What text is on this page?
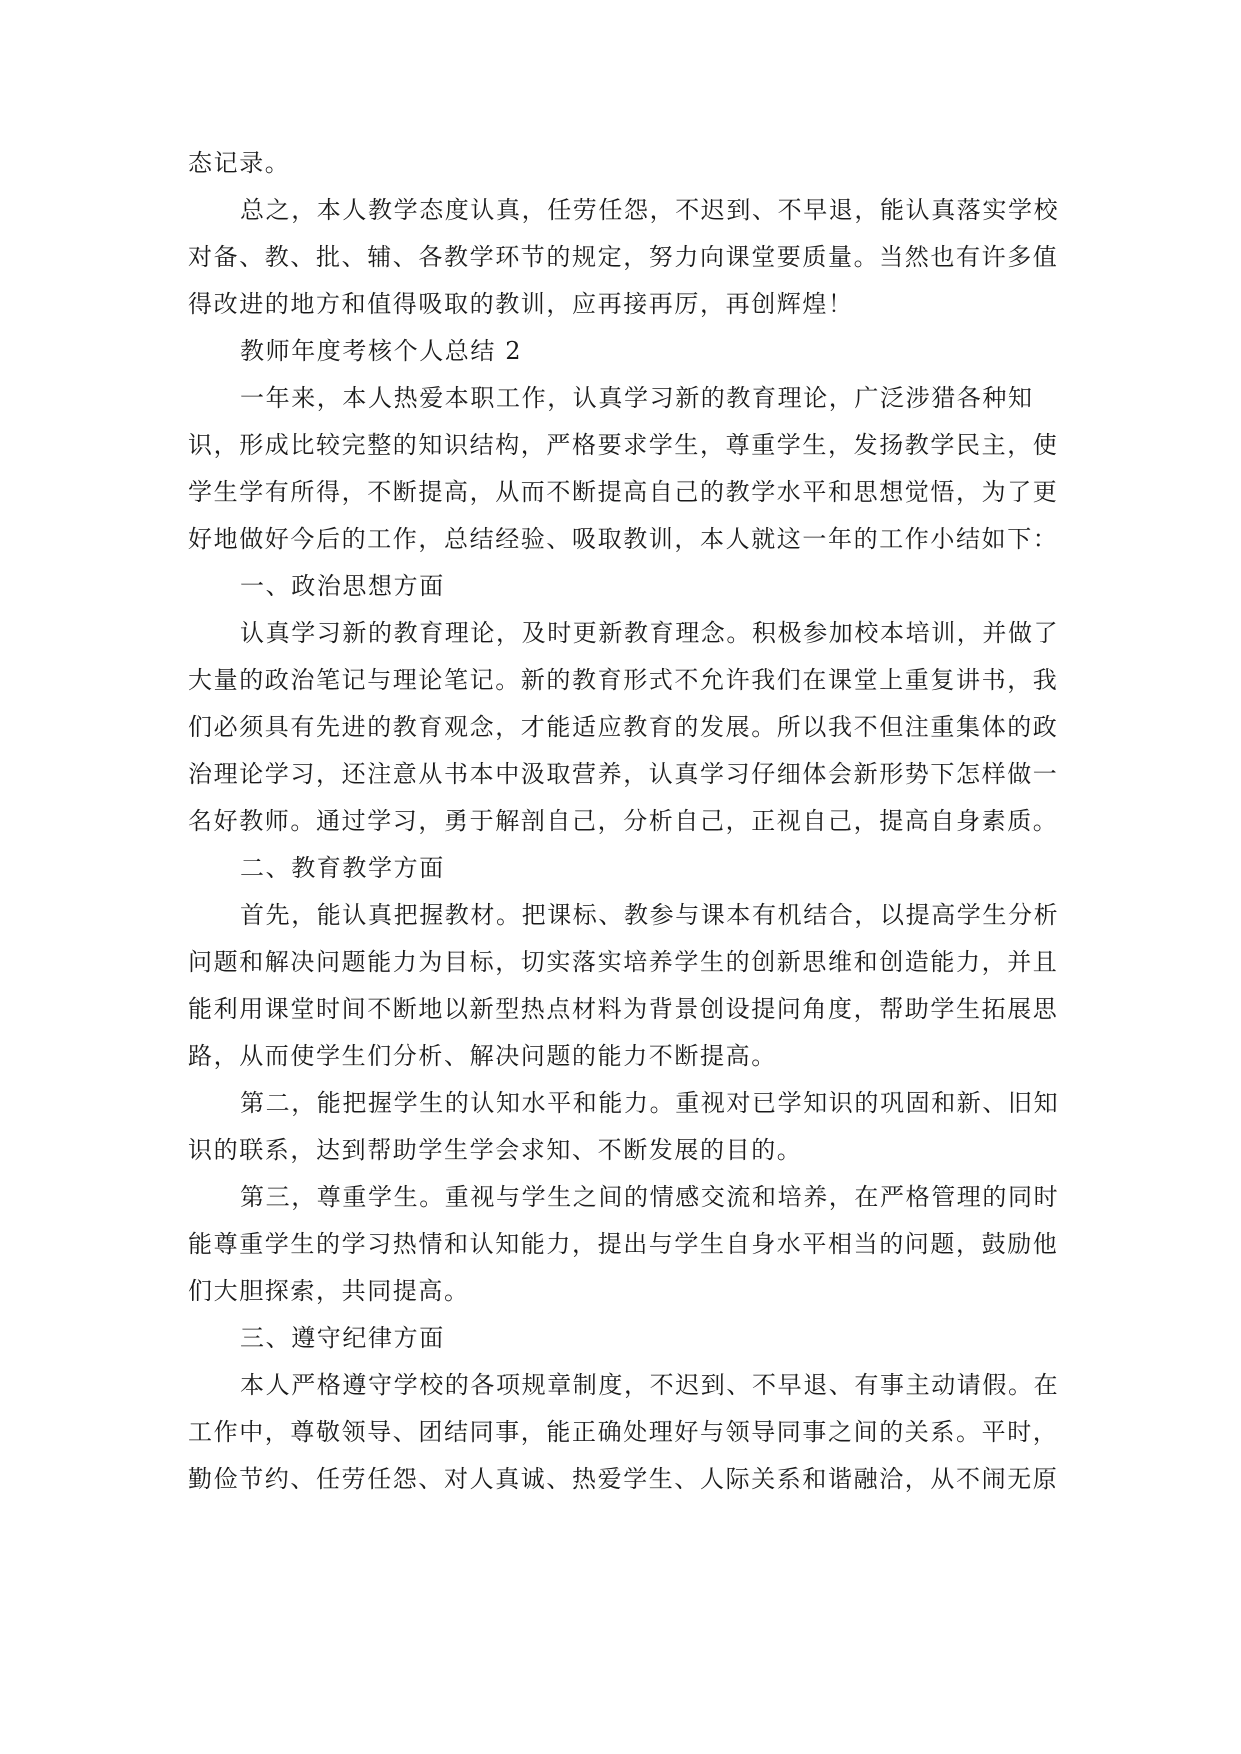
态记录。
总之，本人教学态度认真，任劳任怨，不迟到、不早退，能认真落实学校
对备、教、批、辅、各教学环节的规定，努力向课堂要质量。当然也有许多值
得改进的地方和值得吸取的教训，应再接再厉，再创辉煌！
教师年度考核个人总结 2
一年来，本人热爱本职工作，认真学习新的教育理论，广泛涉猎各种知
识，形成比较完整的知识结构，严格要求学生，尊重学生，发扬教学民主，使
学生学有所得，不断提高，从而不断提高自己的教学水平和思想觉悟，为了更
好地做好今后的工作，总结经验、吸取教训，本人就这一年的工作小结如下：
一、政治思想方面
认真学习新的教育理论，及时更新教育理念。积极参加校本培训，并做了
大量的政治笔记与理论笔记。新的教育形式不允许我们在课堂上重复讲书，我
们必须具有先进的教育观念，才能适应教育的发展。所以我不但注重集体的政
治理论学习，还注意从书本中汲取营养，认真学习仔细体会新形势下怎样做一
名好教师。通过学习，勇于解剖自己，分析自己，正视自己，提高自身素质。
二、教育教学方面
首先，能认真把握教材。把课标、教参与课本有机结合，以提高学生分析
问题和解决问题能力为目标，切实落实培养学生的创新思维和创造能力，并且
能利用课堂时间不断地以新型热点材料为背景创设提问角度，帮助学生拓展思
路，从而使学生们分析、解决问题的能力不断提高。
第二，能把握学生的认知水平和能力。重视对已学知识的巩固和新、旧知
识的联系，达到帮助学生学会求知、不断发展的目的。
第三，尊重学生。重视与学生之间的情感交流和培养，在严格管理的同时
能尊重学生的学习热情和认知能力，提出与学生自身水平相当的问题，鼓励他
们大胆探索，共同提高。
三、遵守纪律方面
本人严格遵守学校的各项规章制度，不迟到、不早退、有事主动请假。在
工作中，尊敬领导、团结同事，能正确处理好与领导同事之间的关系。平时，
勤俭节约、任劳任怨、对人真诚、热爱学生、人际关系和谐融洽，从不闹无原
